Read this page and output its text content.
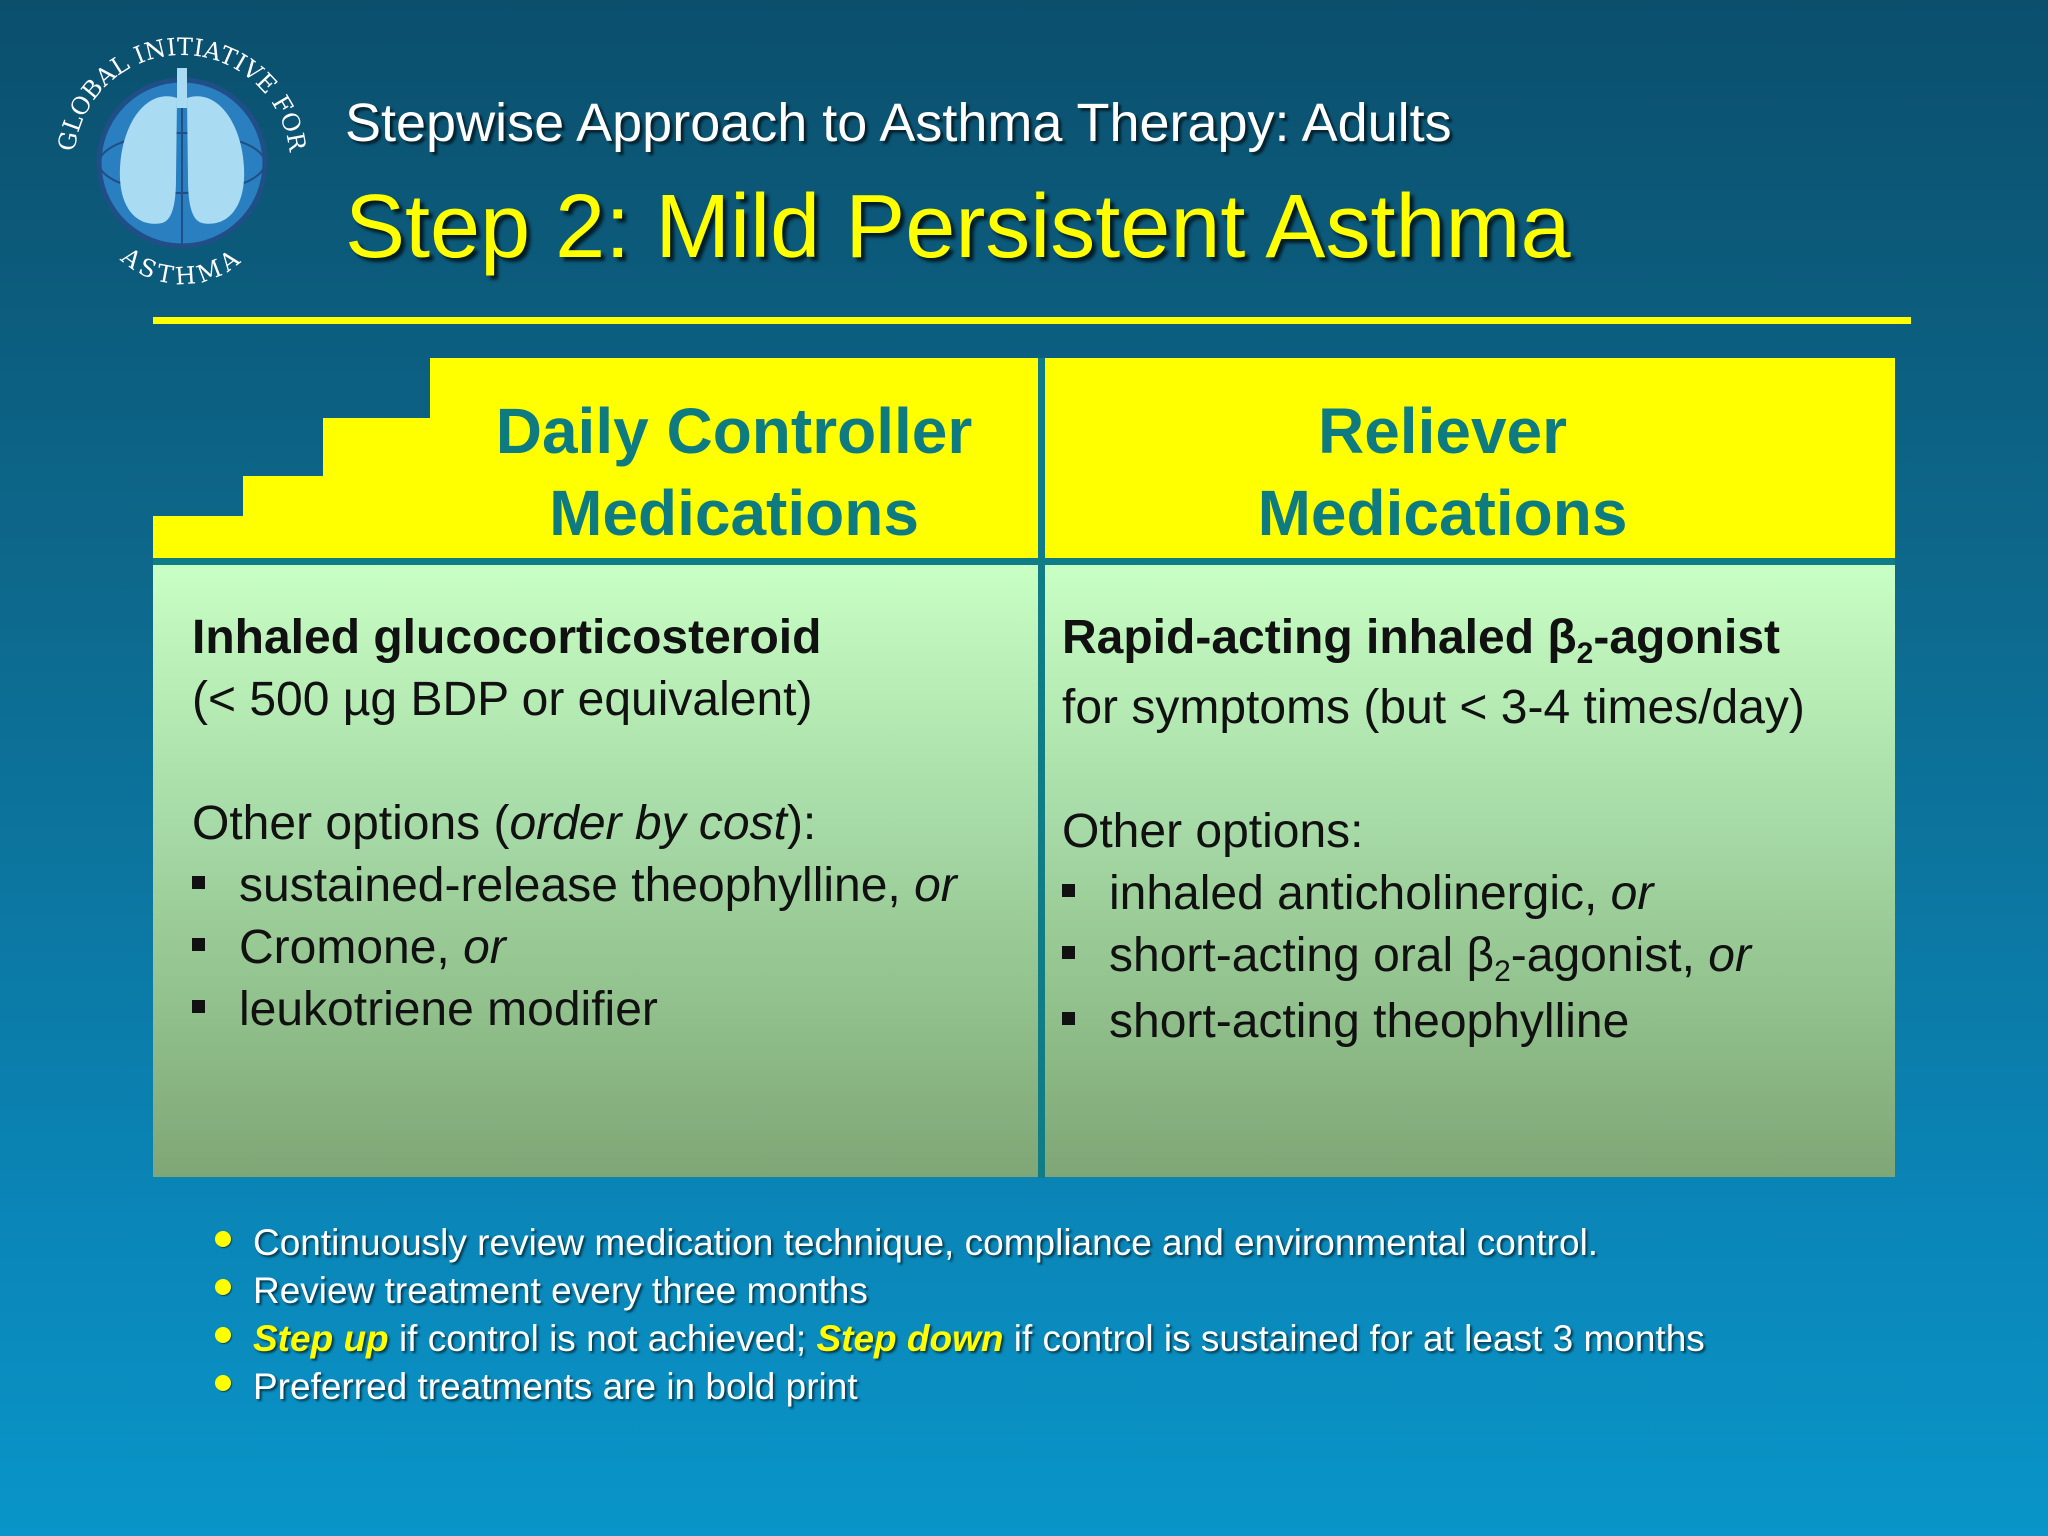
GLOBAL INITIATIVE FOR
ASTHMA
Stepwise Approach to Asthma Therapy: Adults
Step 2: Mild Persistent Asthma
Daily Controller
Medications
Reliever
Medications
Inhaled glucocorticosteroid
(< 500 µg BDP or equivalent)
Other options (order by cost):
sustained-release theophylline, or
Cromone, or
leukotriene modifier
Rapid-acting inhaled $\beta_2$-agonist
for symptoms (but < 3-4 times/day)
Other options:
inhaled anticholinergic, or
short-acting oral $\beta_2$-agonist, or
short-acting theophylline
Continuously review medication technique, compliance and environmental control.
Review treatment every three months
Step up if control is not achieved; Step down if control is sustained for at least 3 months
Preferred treatments are in bold print
